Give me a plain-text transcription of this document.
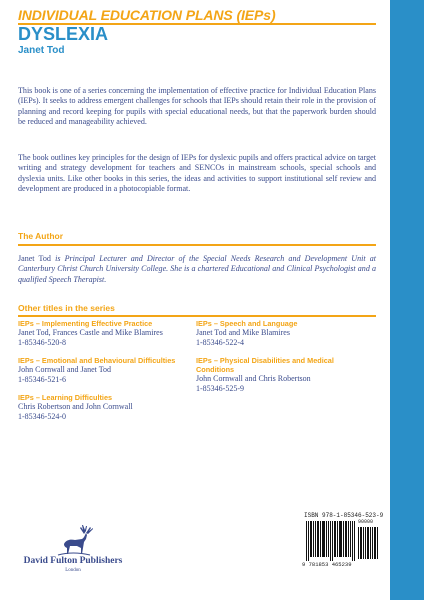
INDIVIDUAL EDUCATION PLANS (IEPs)
DYSLEXIA
Janet Tod

This book is one of a series concerning the implementation of effective practice for Individual Education Plans (IEPs). It seeks to address emergent challenges for schools that IEPs should retain their role in the provision of planning and record keeping for pupils with special educational needs, but that the paperwork burden should be reduced and manageability achieved.

The book outlines key principles for the design of IEPs for dyslexic pupils and offers practical advice on target writing and strategy development for teachers and SENCOs in mainstream schools, special schools and dyslexia units. Like other books in this series, the ideas and activities to support institutional self review and development are produced in a photocopiable format.

The Author

Janet Tod is Principal Lecturer and Director of the Special Needs Research and Development Unit at Canterbury Christ Church University College. She is a chartered Educational and Clinical Psychologist and a qualified Speech Therapist.

Other titles in the series
IEPs – Implementing Effective Practice
Janet Tod, Frances Castle and Mike Blamires
1-85346-520-8
IEPs – Emotional and Behavioural Difficulties
John Cornwall and Janet Tod
1-85346-521-6
IEPs – Learning Difficulties
Chris Robertson and John Cornwall
1-85346-524-0
IEPs – Speech and Language
Janet Tod and Mike Blamires
1-85346-522-4
IEPs – Physical Disabilities and Medical Conditions
John Cornwall and Chris Robertson
1-85346-525-9
David Fulton Publishers
London
ISBN 978-1-85346-523-9
90000
9 781853 465239
